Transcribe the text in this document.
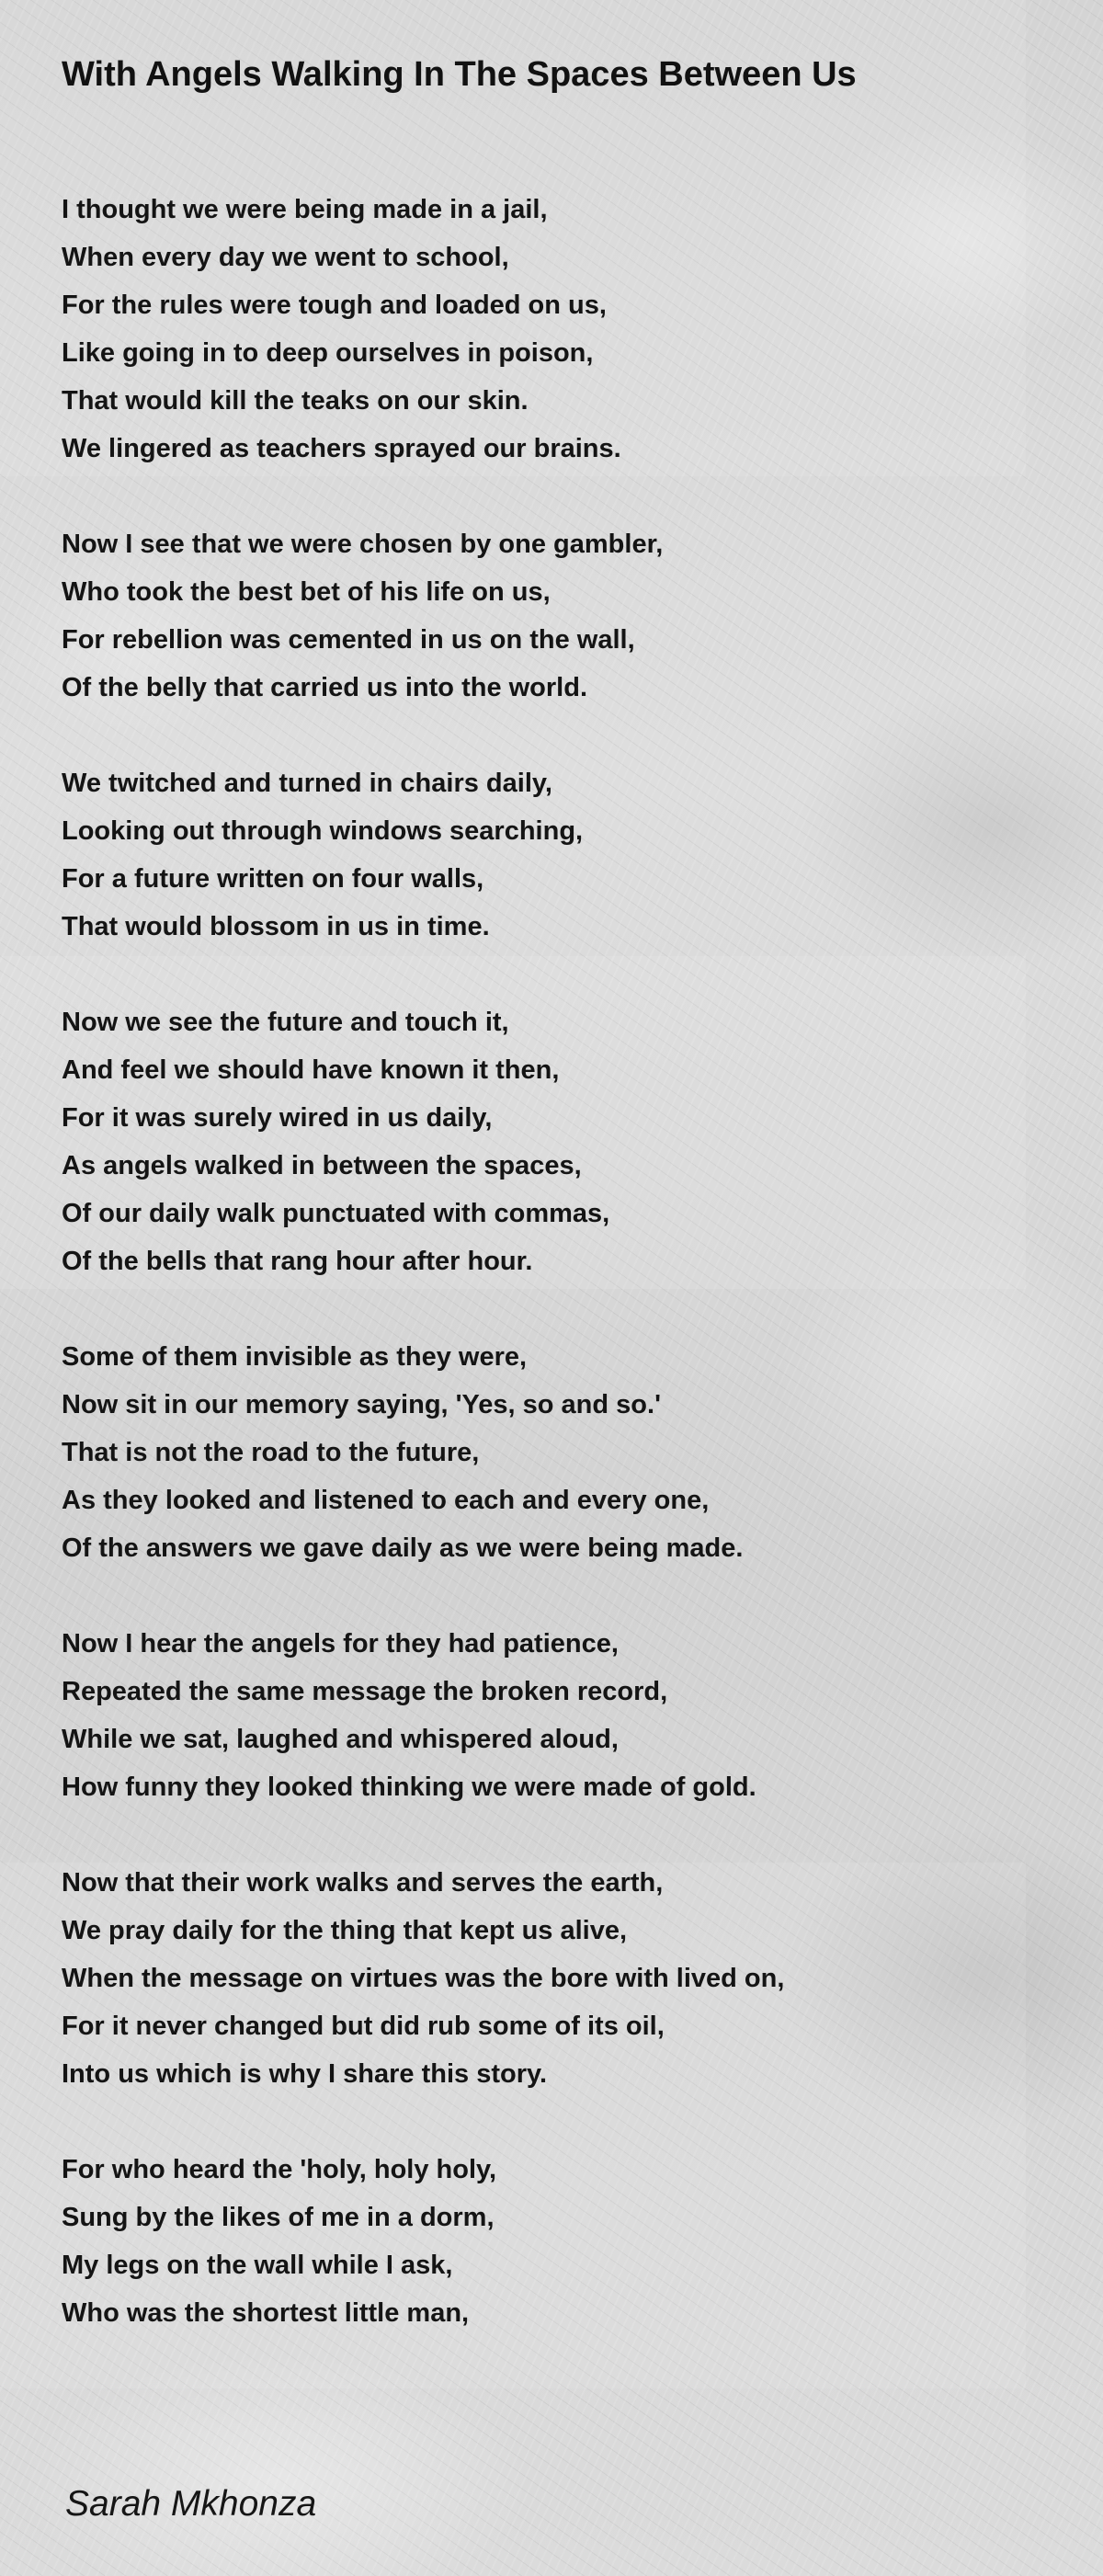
With Angels Walking In The Spaces Between Us
I thought we were being made in a jail,
When every day we went to school,
For the rules were tough and loaded on us,
Like going in to deep ourselves in poison,
That would kill the teaks on our skin.
We lingered as teachers sprayed our brains.
Now I see that we were chosen by one gambler,
Who took the best bet of his life on us,
For rebellion was cemented in us on the wall,
Of the belly that carried us into the world.
We twitched and turned in chairs daily,
Looking out through windows searching,
For a future written on four walls,
That would blossom in us in time.
Now we see the future and touch it,
And feel we should have known it then,
For it was surely wired in us daily,
As angels walked in between the spaces,
Of our daily walk punctuated with commas,
Of the bells that rang hour after hour.
Some of them invisible as they were,
Now sit in our memory saying, 'Yes, so and so.'
That is not the road to the future,
As they looked and listened to each and every one,
Of the answers we gave daily as we were being made.
Now I hear the angels for they had patience,
Repeated the same message the broken record,
While we sat, laughed and whispered aloud,
How funny they looked thinking we were made of gold.
Now that their work walks and serves the earth,
We pray daily for the thing that kept us alive,
When the message on virtues was the bore with lived on,
For it never changed but did rub some of its oil,
Into us which is why I share this story.
For who heard the 'holy, holy holy,
Sung by the likes of me in a dorm,
My legs on the wall while I ask,
Who was the shortest little man,
Sarah Mkhonza
